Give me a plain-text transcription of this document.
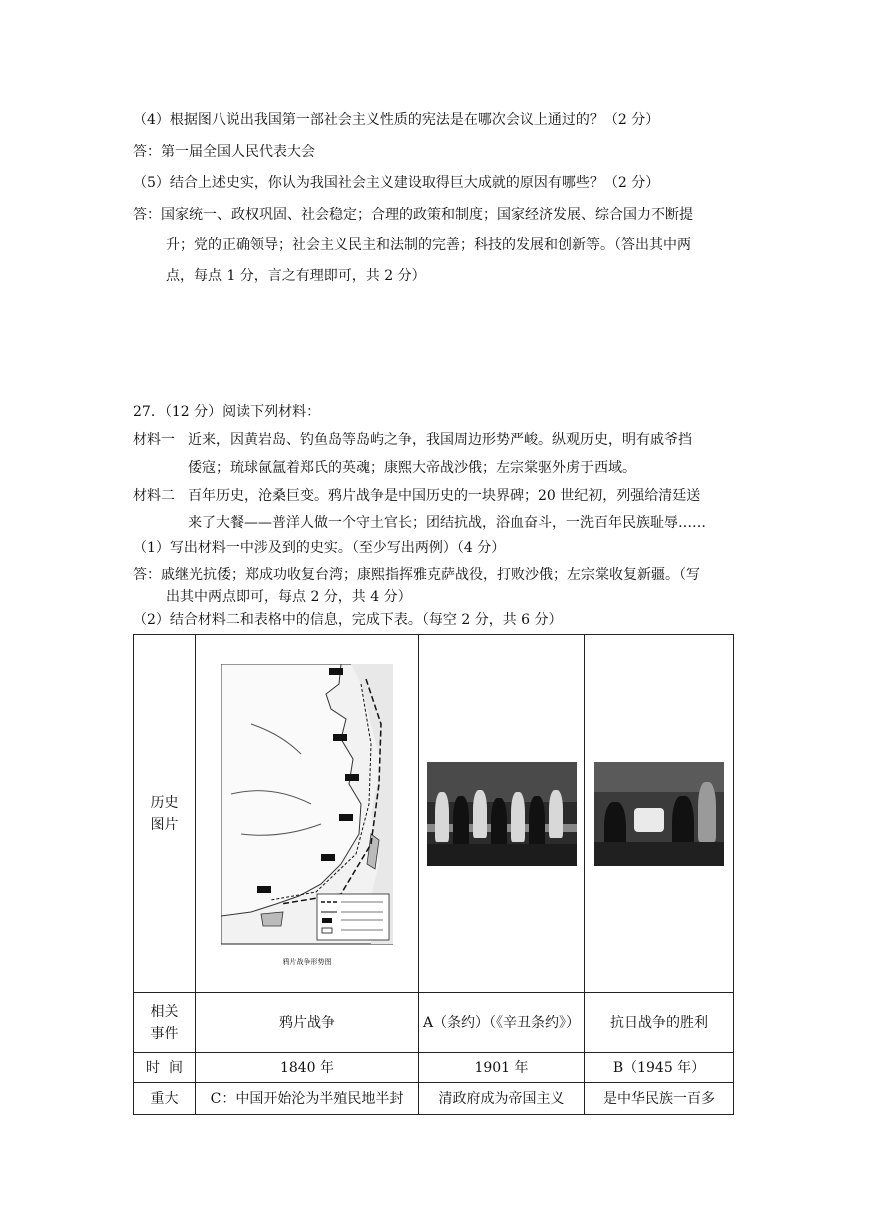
（4）根据图八说出我国第一部社会主义性质的宪法是在哪次会议上通过的？（2 分）
答：第一届全国人民代表大会
（5）结合上述史实，你认为我国社会主义建设取得巨大成就的原因有哪些？（2 分）
答：国家统一、政权巩固、社会稳定；合理的政策和制度；国家经济发展、综合国力不断提
升；党的正确领导；社会主义民主和法制的完善；科技的发展和创新等。（答出其中两
点，每点 1 分，言之有理即可，共 2 分）
27．（12 分）阅读下列材料：
材料一 近来，因黄岩岛、钓鱼岛等岛屿之争，我国周边形势严峻。纵观历史，明有戚爷挡
倭寇；琉球氤氲着郑氏的英魂；康熙大帝战沙俄；左宗棠驱外虏于西域。
材料二 百年历史，沧桑巨变。鸦片战争是中国历史的一块界碑；20 世纪初，列强给清廷送
来了大餐——普洋人做一个守土官长；团结抗战，浴血奋斗，一洗百年民族耻辱……
（1）写出材料一中涉及到的史实。（至少写出两例）（4 分）
答：戚继光抗倭；郑成功收复台湾；康熙指挥雅克萨战役，打败沙俄；左宗棠收复新疆。（写
出其中两点即可，每点 2 分，共 4 分）
（2）结合材料二和表格中的信息，完成下表。（每空 2 分，共 6 分）
历史
图片	鸦片战争形势图		

相关
事件	鸦片战争	A（条约）（《辛丑条约》）	抗日战争的胜利
时  间	1840 年	1901 年	B（1945 年）
重大	C：中国开始沦为半殖民地半封	清政府成为帝国主义	是中华民族一百多
